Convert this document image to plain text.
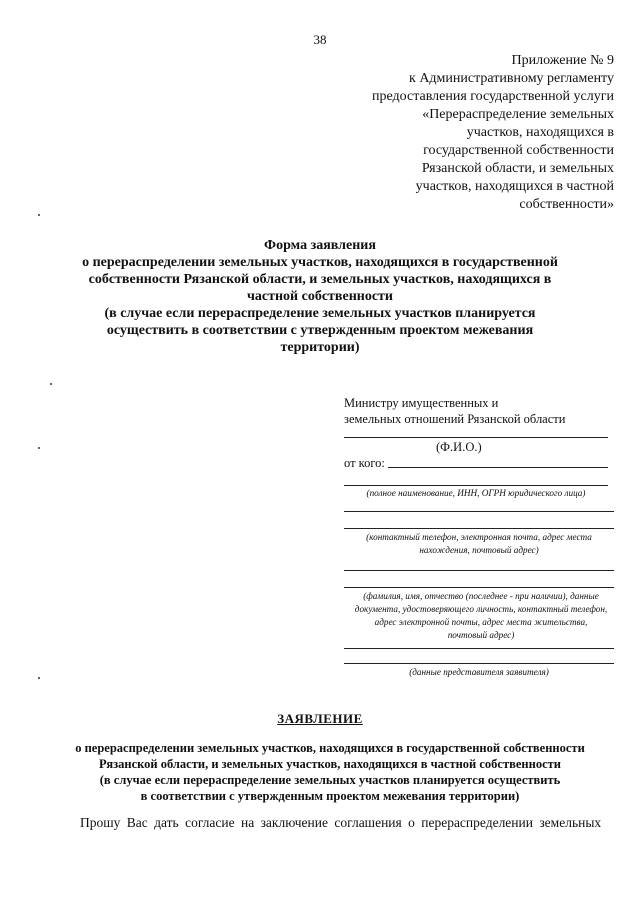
38
Приложение № 9
к Административному регламенту
предоставления государственной услуги
«Перераспределение земельных
участков, находящихся в
государственной собственности
Рязанской области, и земельных
участков, находящихся в частной
собственности»
Форма заявления
о перераспределении земельных участков, находящихся в государственной
собственности Рязанской области, и земельных участков, находящихся в
частной собственности
(в случае если перераспределение земельных участков планируется
осуществить в соответствии с утвержденным проектом межевания
территории)
Министру имущественных и
земельных отношений Рязанской области
(Ф.И.О.)
от кого:
(полное наименование, ИНН, ОГРН юридического лица)
(контактный телефон, электронная почта, адрес места
нахождения, почтовый адрес)
(фамилия, имя, отчество (последнее - при наличии), данные
документа, удостоверяющего личность, контактный телефон,
адрес электронной почты, адрес места жительства,
почтовый адрес)
(данные представителя заявителя)
ЗАЯВЛЕНИЕ
о перераспределении земельных участков, находящихся в государственной собственности
Рязанской области, и земельных участков, находящихся в частной собственности
(в случае если перераспределение земельных участков планируется осуществить
в соответствии с утвержденным проектом межевания территории)
Прошу Вас дать согласие на заключение соглашения о перераспределении земельных
